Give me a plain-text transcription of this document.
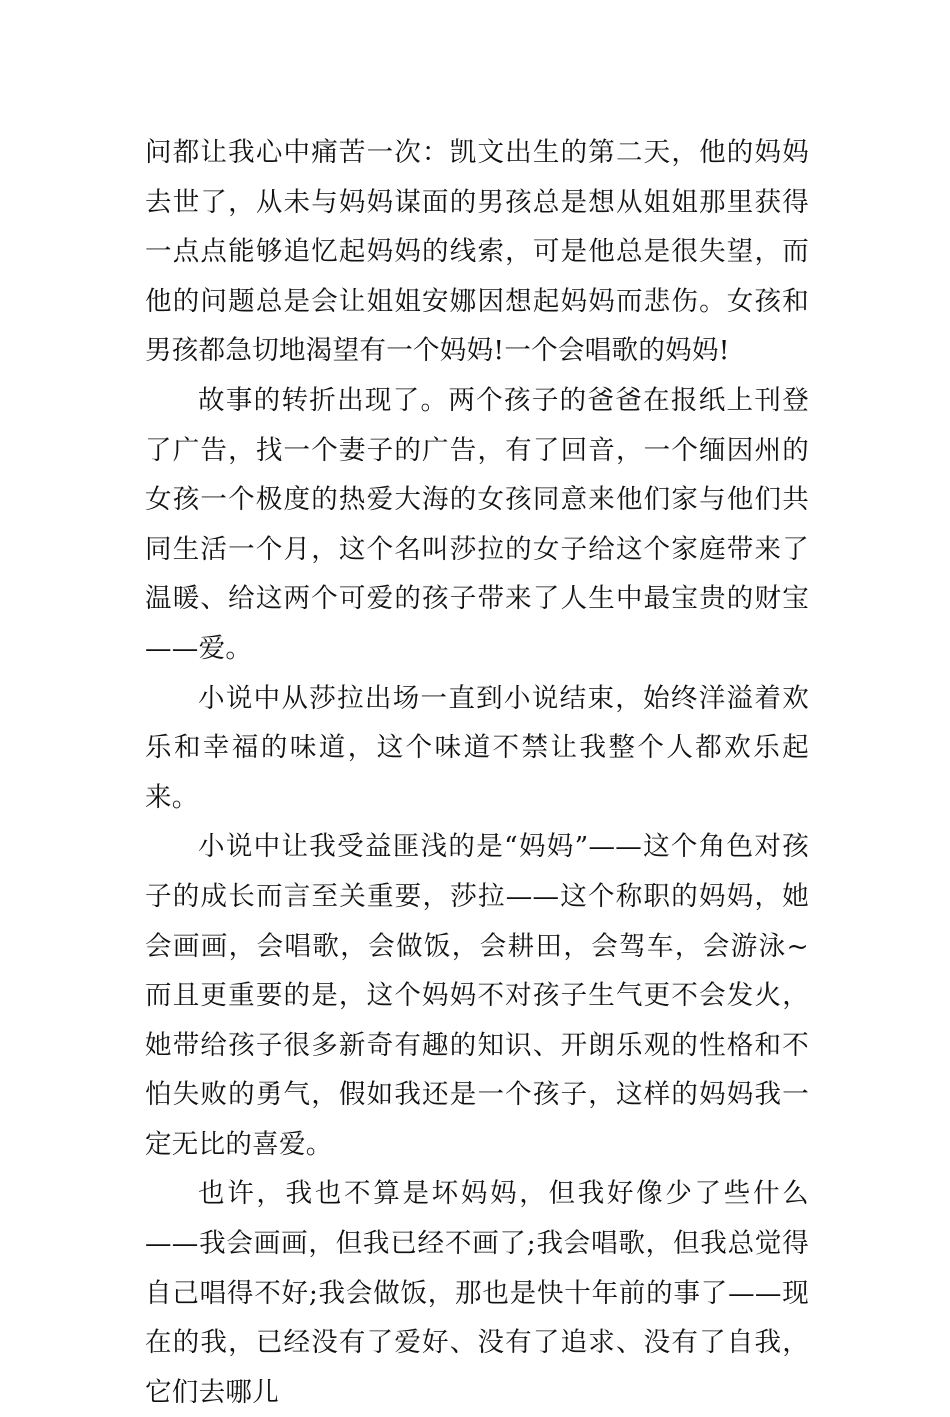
问都让我心中痛苦一次：凯文出生的第二天，他的妈妈去世了，从未与妈妈谋面的男孩总是想从姐姐那里获得一点点能够追忆起妈妈的线索，可是他总是很失望，而他的问题总是会让姐姐安娜因想起妈妈而悲伤。女孩和男孩都急切地渴望有一个妈妈!一个会唱歌的妈妈!

故事的转折出现了。两个孩子的爸爸在报纸上刊登了广告，找一个妻子的广告，有了回音，一个缅因州的女孩一个极度的热爱大海的女孩同意来他们家与他们共同生活一个月，这个名叫莎拉的女子给这个家庭带来了温暖、给这两个可爱的孩子带来了人生中最宝贵的财宝——爱。

小说中从莎拉出场一直到小说结束，始终洋溢着欢乐和幸福的味道，这个味道不禁让我整个人都欢乐起来。

小说中让我受益匪浅的是“妈妈”——这个角色对孩子的成长而言至关重要，莎拉——这个称职的妈妈，她会画画，会唱歌，会做饭，会耕田，会驾车，会游泳~而且更重要的是，这个妈妈不对孩子生气更不会发火，她带给孩子很多新奇有趣的知识、开朗乐观的性格和不怕失败的勇气，假如我还是一个孩子，这样的妈妈我一定无比的喜爱。

也许，我也不算是坏妈妈，但我好像少了些什么——我会画画，但我已经不画了;我会唱歌，但我总觉得自己唱得不好;我会做饭，那也是快十年前的事了——现在的我，已经没有了爱好、没有了追求、没有了自我，它们去哪儿
